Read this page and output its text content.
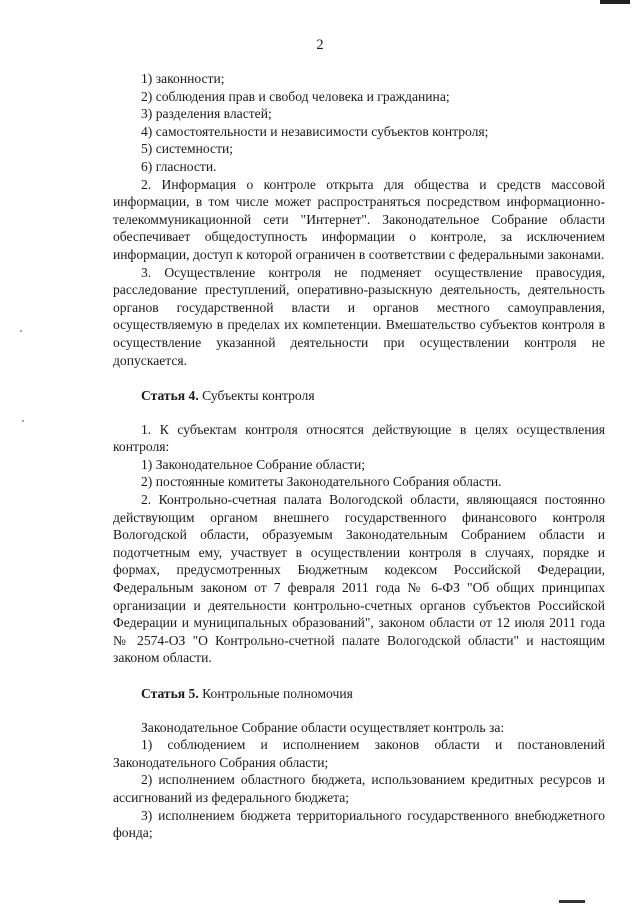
2

1) законности;

2) соблюдения прав и свобод человека и гражданина;

3) разделения властей;

4) самостоятельности и независимости субъектов контроля;

5) системности;

6) гласности.

2. Информация о контроле открыта для общества и средств массовой информации, в том числе может распространяться посредством информационно-телекоммуникационной сети "Интернет". Законодательное Собрание области обеспечивает общедоступность информации о контроле, за исключением информации, доступ к которой ограничен в соответствии с федеральными законами.

3. Осуществление контроля не подменяет осуществление правосудия, расследование преступлений, оперативно-разыскную деятельность, деятельность органов государственной власти и органов местного самоуправления, осуществляемую в пределах их компетенции. Вмешательство субъектов контроля в осуществление указанной деятельности при осуществлении контроля не допускается.

Статья 4. Субъекты контроля

1. К субъектам контроля относятся действующие в целях осуществления контроля:

1) Законодательное Собрание области;

2) постоянные комитеты Законодательного Собрания области.

2. Контрольно-счетная палата Вологодской области, являющаяся постоянно действующим органом внешнего государственного финансового контроля Вологодской области, образуемым Законодательным Собранием области и подотчетным ему, участвует в осуществлении контроля в случаях, порядке и формах, предусмотренных Бюджетным кодексом Российской Федерации, Федеральным законом от 7 февраля 2011 года № 6-ФЗ "Об общих принципах организации и деятельности контрольно-счетных органов субъектов Российской Федерации и муниципальных образований", законом области от 12 июля 2011 года № 2574-ОЗ "О Контрольно-счетной палате Вологодской области" и настоящим законом области.

Статья 5. Контрольные полномочия

Законодательное Собрание области осуществляет контроль за:

1) соблюдением и исполнением законов области и постановлений Законодательного Собрания области;

2) исполнением областного бюджета, использованием кредитных ресурсов и ассигнований из федерального бюджета;

3) исполнением бюджета территориального государственного внебюджетного фонда;
